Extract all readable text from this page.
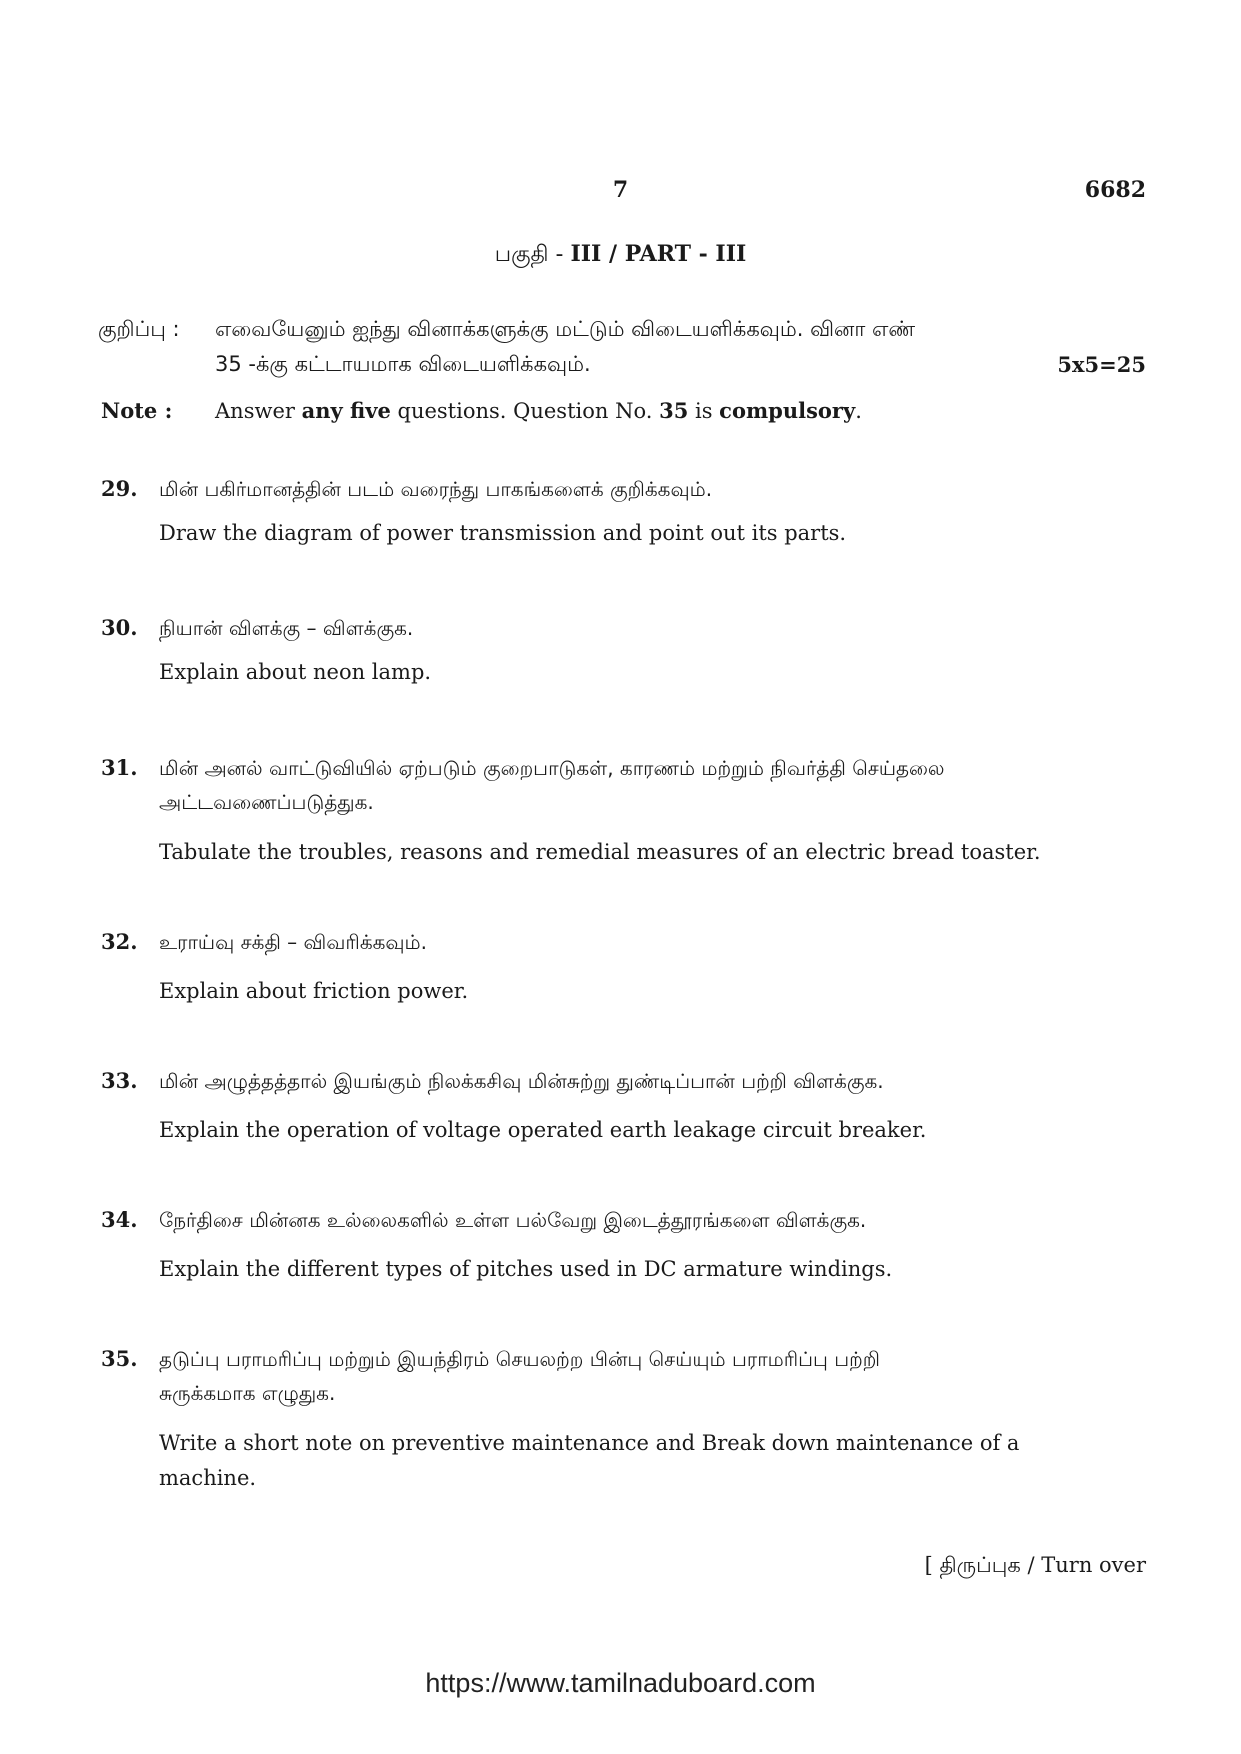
7	6682
பகுதி - III / PART - III
குறிப்பு : எவையேனும் ஐந்து வினாக்களுக்கு மட்டும் விடையளிக்கவும். வினா எண்
35 -க்கு கட்டாயமாக விடையளிக்கவும்.	5x5=25
Note : Answer any five questions. Question No. 35 is compulsory.
29. மின் பகிர்மானத்தின் படம் வரைந்து பாகங்களைக் குறிக்கவும்.
Draw the diagram of power transmission and point out its parts.
30. நியான் விளக்கு – விளக்குக.
Explain about neon lamp.
31. மின் அனல் வாட்டுவியில் ஏற்படும் குறைபாடுகள், காரணம் மற்றும் நிவர்த்தி செய்தலை
அட்டவணைப்படுத்துக.
Tabulate the troubles, reasons and remedial measures of an electric bread toaster.
32. உராய்வு சக்தி – விவரிக்கவும்.
Explain about friction power.
33. மின் அழுத்தத்தால் இயங்கும் நிலக்கசிவு மின்சுற்று துண்டிப்பான் பற்றி விளக்குக.
Explain the operation of voltage operated earth leakage circuit breaker.
34. நேர்திசை மின்னக உல்லைகளில் உள்ள பல்வேறு இடைத்தூரங்களை விளக்குக.
Explain the different types of pitches used in DC armature windings.
35. தடுப்பு பராமரிப்பு மற்றும் இயந்திரம் செயலற்ற பின்பு செய்யும் பராமரிப்பு பற்றி
சுருக்கமாக எழுதுக.
Write a short note on preventive maintenance and Break down maintenance of a
machine.
[ திருப்புக / Turn over
https://www.tamilnaduboard.com
